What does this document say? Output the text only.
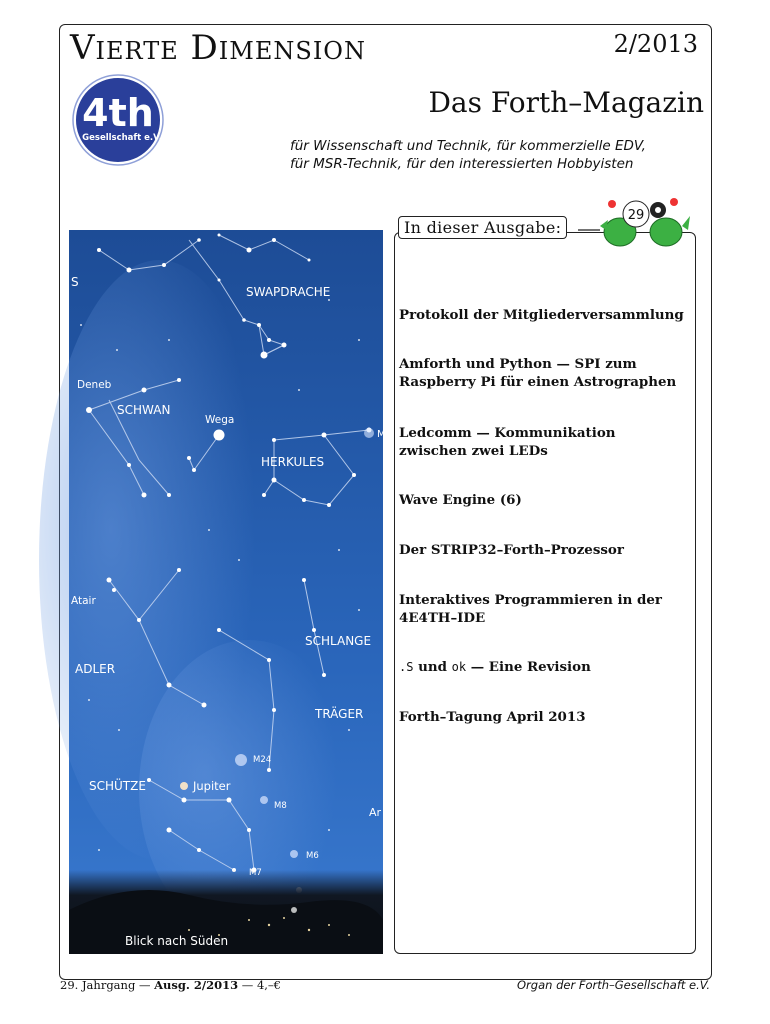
Vierte Dimension	2/2013
4th
Gesellschaft e.V.
Das Forth–Magazin
für Wissenschaft und Technik, für kommerzielle EDV,
für MSR-Technik, für den interessierten Hobbyisten
S
SWAPDRACHE
Deneb
SCHWAN
Wega
HERKULES
M
Atair
SCHLANGE
ADLER
TRÄGER
M24
SCHÜTZE	Jupiter
M8	Ar
M6
M7
Blick nach Süden
29
In dieser Ausgabe:
Protokoll der Mitgliederversammlung
Amforth und Python — SPI zum
Raspberry Pi für einen Astrographen
Ledcomm — Kommunikation
zwischen zwei LEDs
Wave Engine (6)
Der STRIP32–Forth–Prozessor
Interaktives Programmieren in der
4E4TH–IDE
.S und ok — Eine Revision
Forth–Tagung April 2013
29. Jahrgang — Ausg. 2/2013 — 4,–€	Organ der Forth–Gesellschaft e.V.
